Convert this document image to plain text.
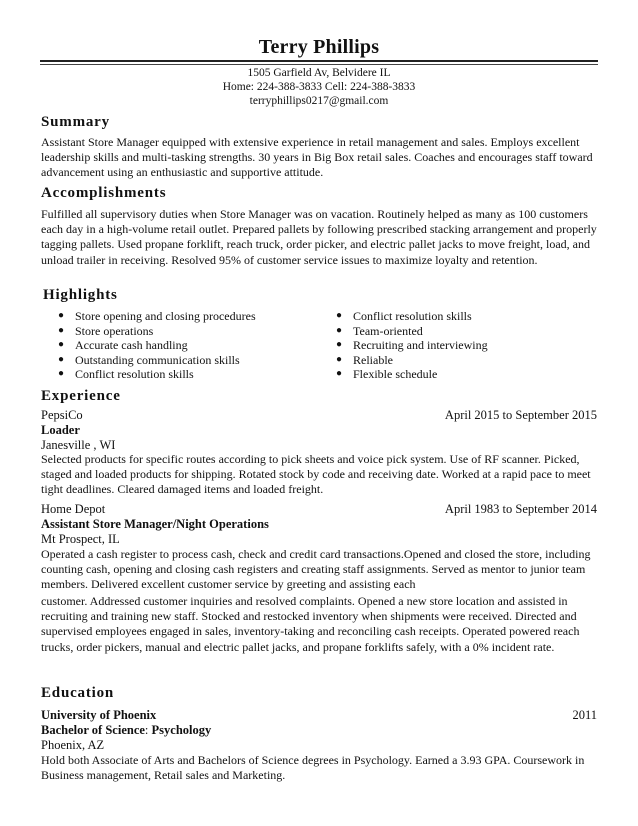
Terry Phillips
1505 Garfield Av, Belvidere IL
Home: 224-388-3833 Cell: 224-388-3833
terryphillips0217@gmail.com
Summary
Assistant Store Manager equipped with extensive experience in retail management and sales. Employs excellent leadership skills and multi-tasking strengths. 30 years in Big Box retail sales. Coaches and encourages staff toward advancement using an enthusiastic and supportive attitude.
Accomplishments
Fulfilled all supervisory duties when Store Manager was on vacation. Routinely helped as many as 100 customers each day in a high-volume retail outlet. Prepared pallets by following prescribed stacking arrangement and properly tagging pallets. Used propane forklift, reach truck, order picker, and electric pallet jacks to move freight, load, and unload trailer in receiving. Resolved 95% of customer service issues to maximize loyalty and retention.
Highlights
● Store opening and closing procedures
● Store operations
● Accurate cash handling
● Outstanding communication skills
● Conflict resolution skills
● Conflict resolution skills
● Team-oriented
● Recruiting and interviewing
● Reliable
● Flexible schedule
Experience
PepsiCo	April 2015 to September 2015
Loader
Janesville , WI
Selected products for specific routes according to pick sheets and voice pick system. Use of RF scanner. Picked, staged and loaded products for shipping. Rotated stock by code and receiving date. Worked at a rapid pace to meet tight deadlines. Cleared damaged items and loaded freight.
Home Depot	April 1983 to September 2014
Assistant Store Manager/Night Operations
Mt Prospect, IL
Operated a cash register to process cash, check and credit card transactions.Opened and closed the store, including counting cash, opening and closing cash registers and creating staff assignments. Served as mentor to junior team members. Delivered excellent customer service by greeting and assisting each
customer. Addressed customer inquiries and resolved complaints. Opened a new store location and assisted in recruiting and training new staff. Stocked and restocked inventory when shipments were received. Directed and supervised employees engaged in sales, inventory-taking and reconciling cash receipts. Operated powered reach trucks, order pickers, manual and electric pallet jacks, and propane forklifts safely, with a 0% incident rate.
Education
University of Phoenix	2011
Bachelor of Science: Psychology
Phoenix, AZ
Hold both Associate of Arts and Bachelors of Science degrees in Psychology. Earned a 3.93 GPA. Coursework in Business management, Retail sales and Marketing.
